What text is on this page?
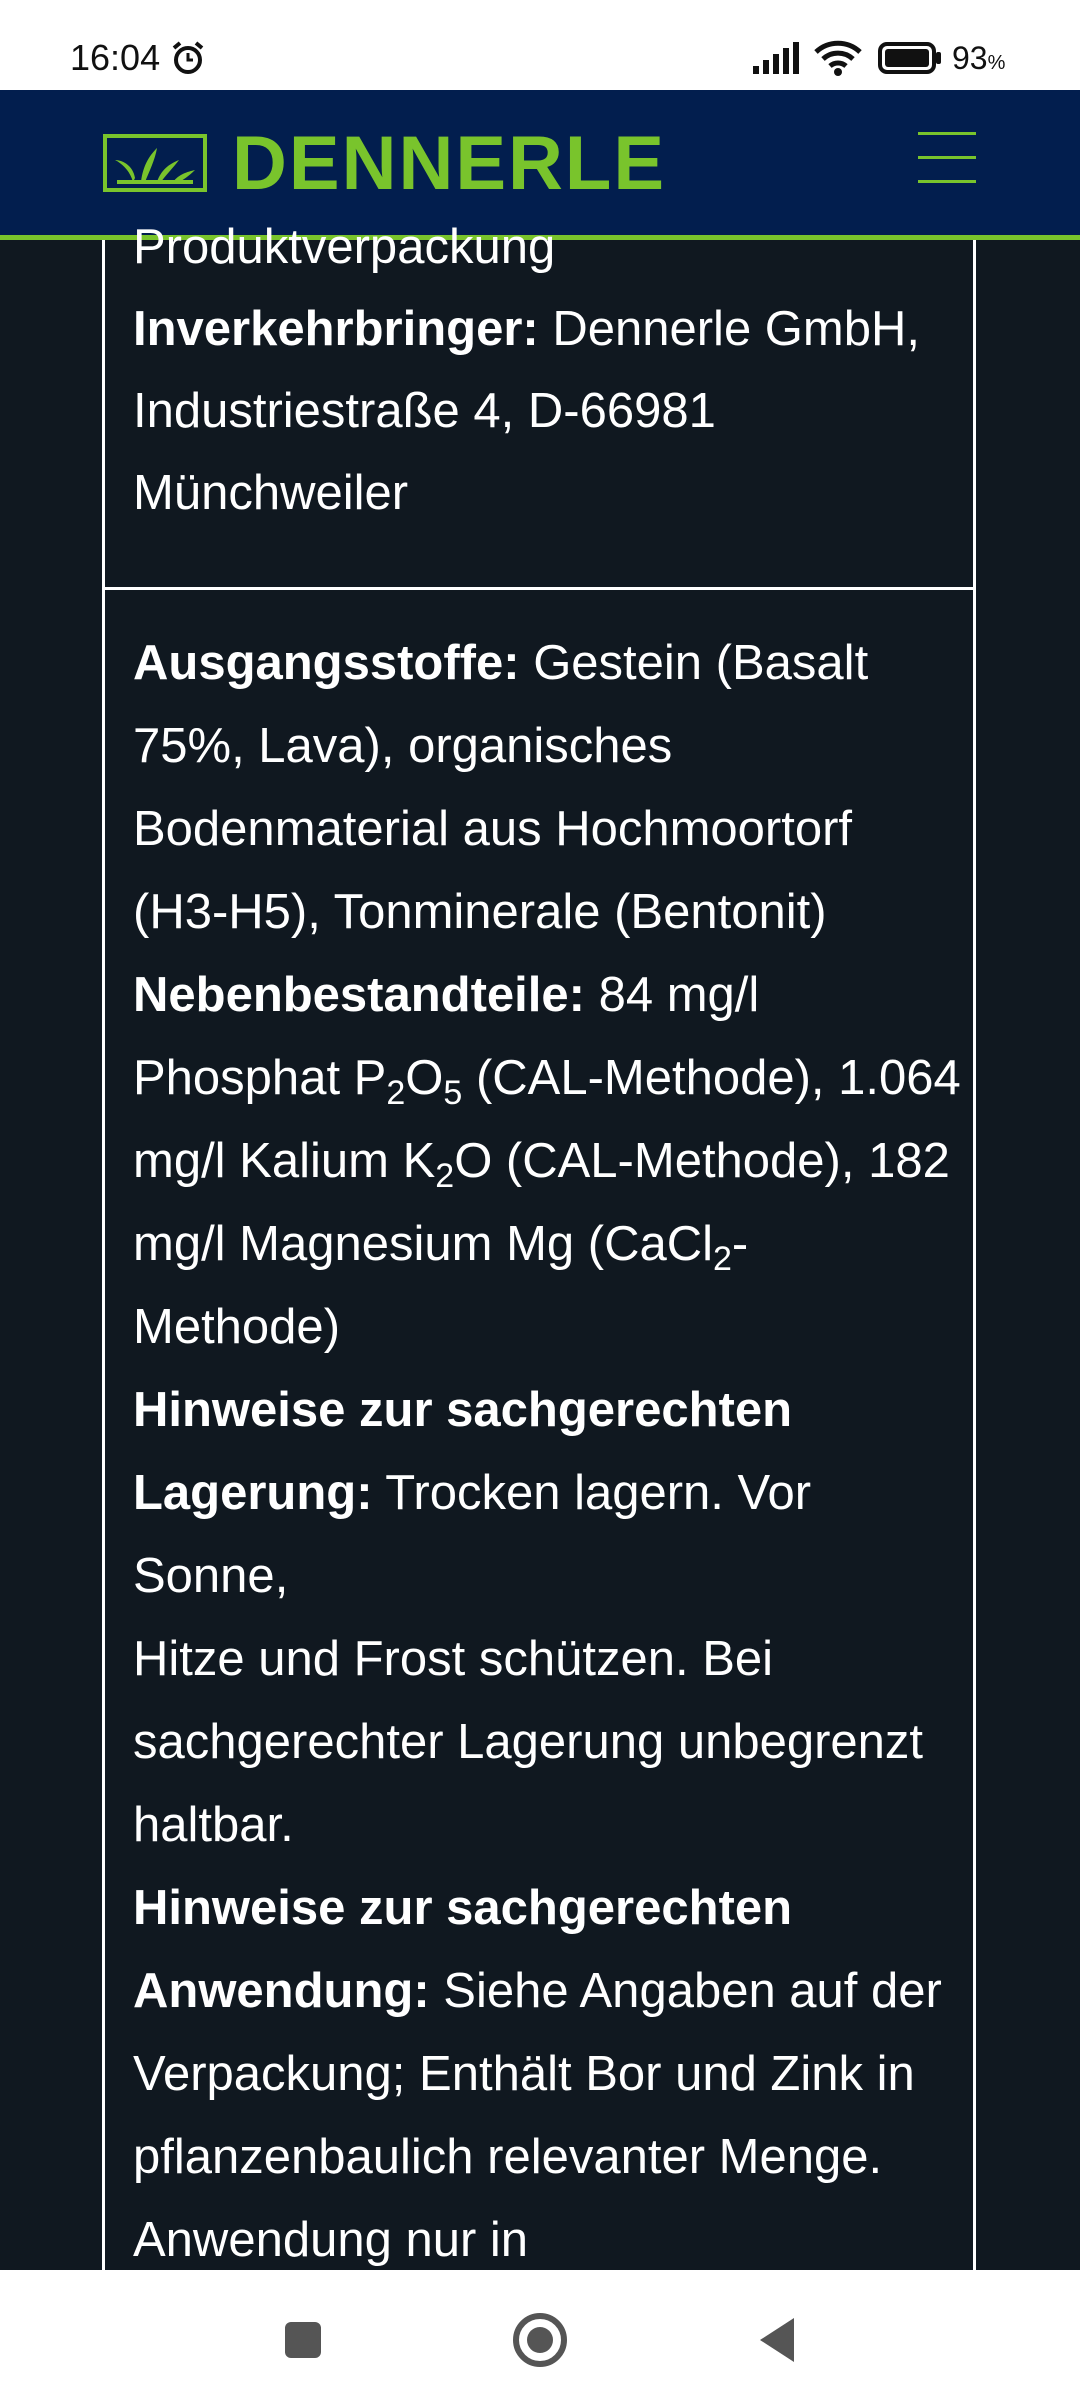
16:04	93%
DENNERLE
Produktverpackung
Inverkehrbringer: Dennerle GmbH,
Industriestraße 4, D-66981
Münchweiler
Ausgangsstoffe: Gestein (Basalt
75%, Lava), organisches
Bodenmaterial aus Hochmoortorf
(H3-H5), Tonminerale (Bentonit)
Nebenbestandteile: 84 mg/l
Phosphat $P_2O_5$ (CAL-Methode), 1.064
mg/l Kalium $K_2O$ (CAL-Methode), 182
mg/l Magnesium Mg (CaCl$_2$-
Methode)
Hinweise zur sachgerechten
Lagerung: Trocken lagern. Vor Sonne,
Hitze und Frost schützen. Bei
sachgerechter Lagerung unbegrenzt
haltbar.
Hinweise zur sachgerechten
Anwendung: Siehe Angaben auf der
Verpackung; Enthält Bor und Zink in
pflanzenbaulich relevanter Menge.
Anwendung nur in
